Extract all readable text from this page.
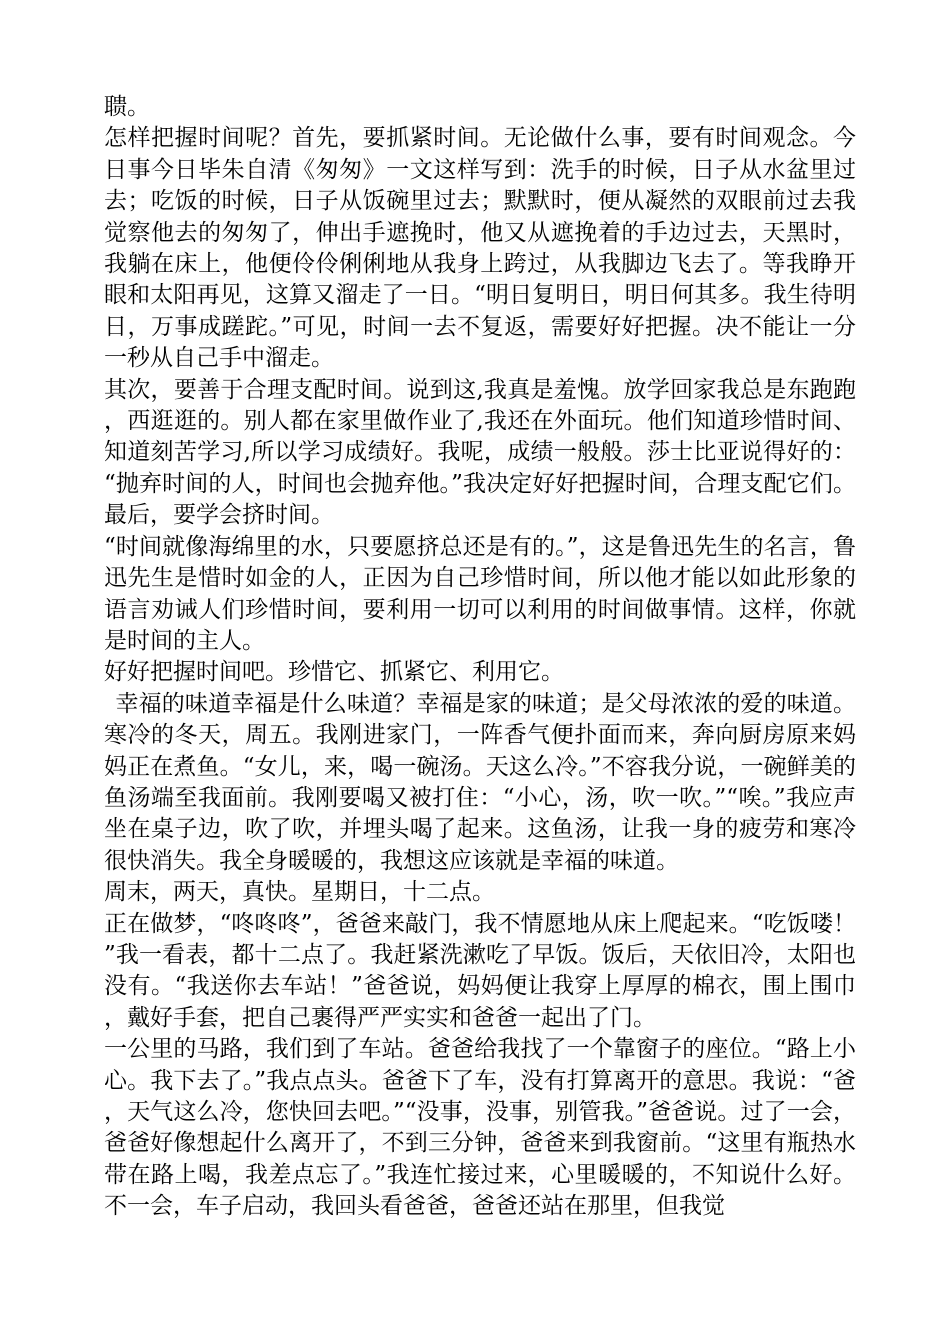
聩。

怎样把握时间呢？首先，要抓紧时间。无论做什么事，要有时间观念。今日事今日毕朱自清《匆匆》一文这样写到：洗手的时候，日子从水盆里过去；吃饭的时候，日子从饭碗里过去；默默时，便从凝然的双眼前过去我觉察他去的匆匆了，伸出手遮挽时，他又从遮挽着的手边过去，天黑时，我躺在床上，他便伶伶俐俐地从我身上跨过，从我脚边飞去了。等我睁开眼和太阳再见，这算又溜走了一日。“明日复明日，明日何其多。我生待明日，万事成蹉跎。”可见，时间一去不复返，需要好好把握。决不能让一分一秒从自己手中溜走。

其次，要善于合理支配时间。说到这,我真是羞愧。放学回家我总是东跑跑，西逛逛的。别人都在家里做作业了,我还在外面玩。他们知道珍惜时间、知道刻苦学习,所以学习成绩好。我呢，成绩一般般。莎士比亚说得好的：“抛弃时间的人，时间也会抛弃他。”我决定好好把握时间，合理支配它们。最后，要学会挤时间。

“时间就像海绵里的水，只要愿挤总还是有的。”，这是鲁迅先生的名言，鲁迅先生是惜时如金的人，正因为自己珍惜时间，所以他才能以如此形象的语言劝诫人们珍惜时间，要利用一切可以利用的时间做事情。这样，你就是时间的主人。

好好把握时间吧。珍惜它、抓紧它、利用它。

幸福的味道幸福是什么味道？幸福是家的味道；是父母浓浓的爱的味道。寒冷的冬天，周五。我刚进家门，一阵香气便扑面而来，奔向厨房原来妈妈正在煮鱼。“女儿，来，喝一碗汤。天这么冷。”不容我分说，一碗鲜美的鱼汤端至我面前。我刚要喝又被打住：“小心，汤，吹一吹。”“唉。”我应声坐在桌子边，吹了吹，并埋头喝了起来。这鱼汤，让我一身的疲劳和寒冷很快消失。我全身暖暖的，我想这应该就是幸福的味道。

周末，两天，真快。星期日，十二点。

正在做梦，“咚咚咚”，爸爸来敲门，我不情愿地从床上爬起来。“吃饭喽！”我一看表，都十二点了。我赶紧洗漱吃了早饭。饭后，天依旧冷，太阳也没有。“我送你去车站！”爸爸说，妈妈便让我穿上厚厚的棉衣，围上围巾，戴好手套，把自己裹得严严实实和爸爸一起出了门。

一公里的马路，我们到了车站。爸爸给我找了一个靠窗子的座位。“路上小心。我下去了。”我点点头。爸爸下了车，没有打算离开的意思。我说：“爸，天气这么冷，您快回去吧。”“没事，没事，别管我。”爸爸说。过了一会，爸爸好像想起什么离开了，不到三分钟，爸爸来到我窗前。“这里有瓶热水带在路上喝，我差点忘了。”我连忙接过来，心里暖暖的，不知说什么好。不一会，车子启动，我回头看爸爸，爸爸还站在那里，但我觉
